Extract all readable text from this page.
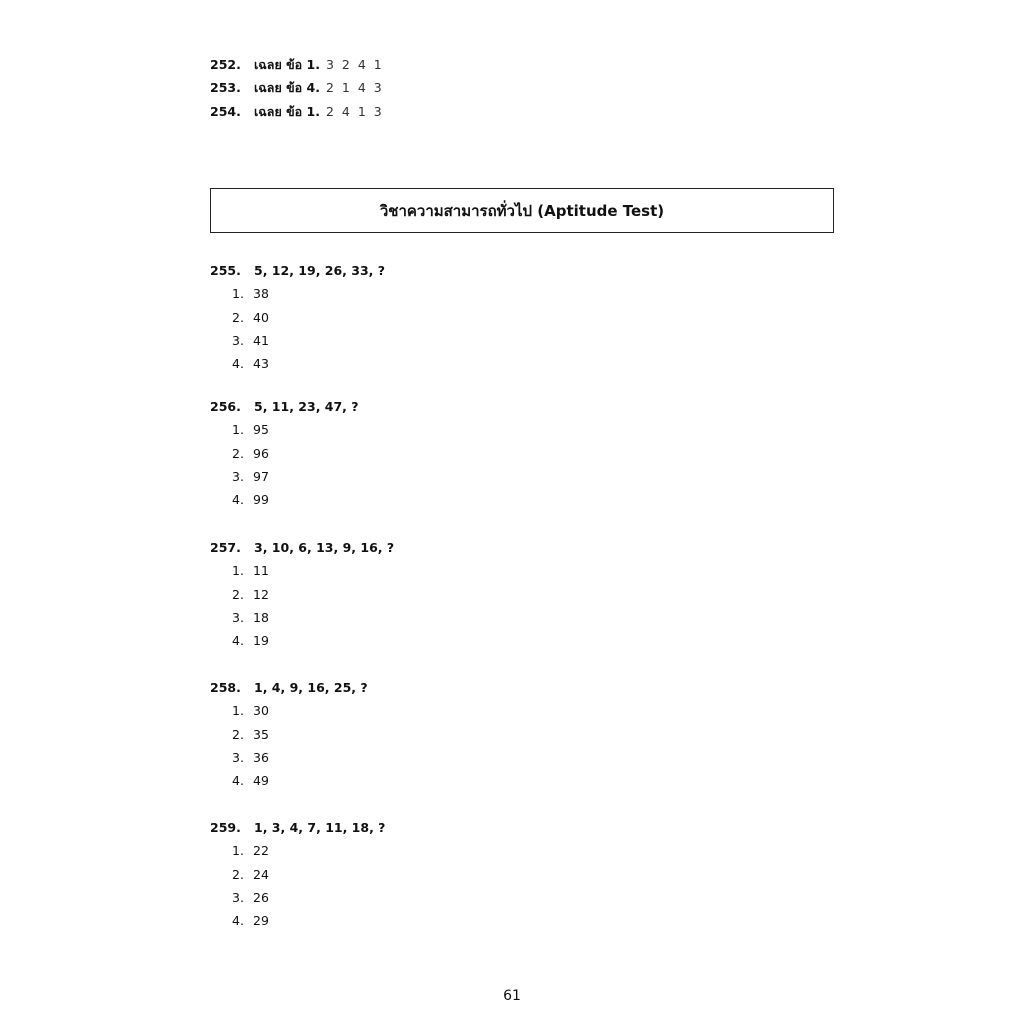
252. เฉลย ข้อ 1. 3 2 4 1
253. เฉลย ข้อ 4. 2 1 4 3
254. เฉลย ข้อ 1. 2 4 1 3
วิชาความสามารถทั่วไป (Aptitude Test)
255. 5, 12, 19, 26, 33, ?
1. 38
2. 40
3. 41
4. 43
256. 5, 11, 23, 47, ?
1. 95
2. 96
3. 97
4. 99
257. 3, 10, 6, 13, 9, 16, ?
1. 11
2. 12
3. 18
4. 19
258. 1, 4, 9, 16, 25, ?
1. 30
2. 35
3. 36
4. 49
259. 1, 3, 4, 7, 11, 18, ?
1. 22
2. 24
3. 26
4. 29
61
